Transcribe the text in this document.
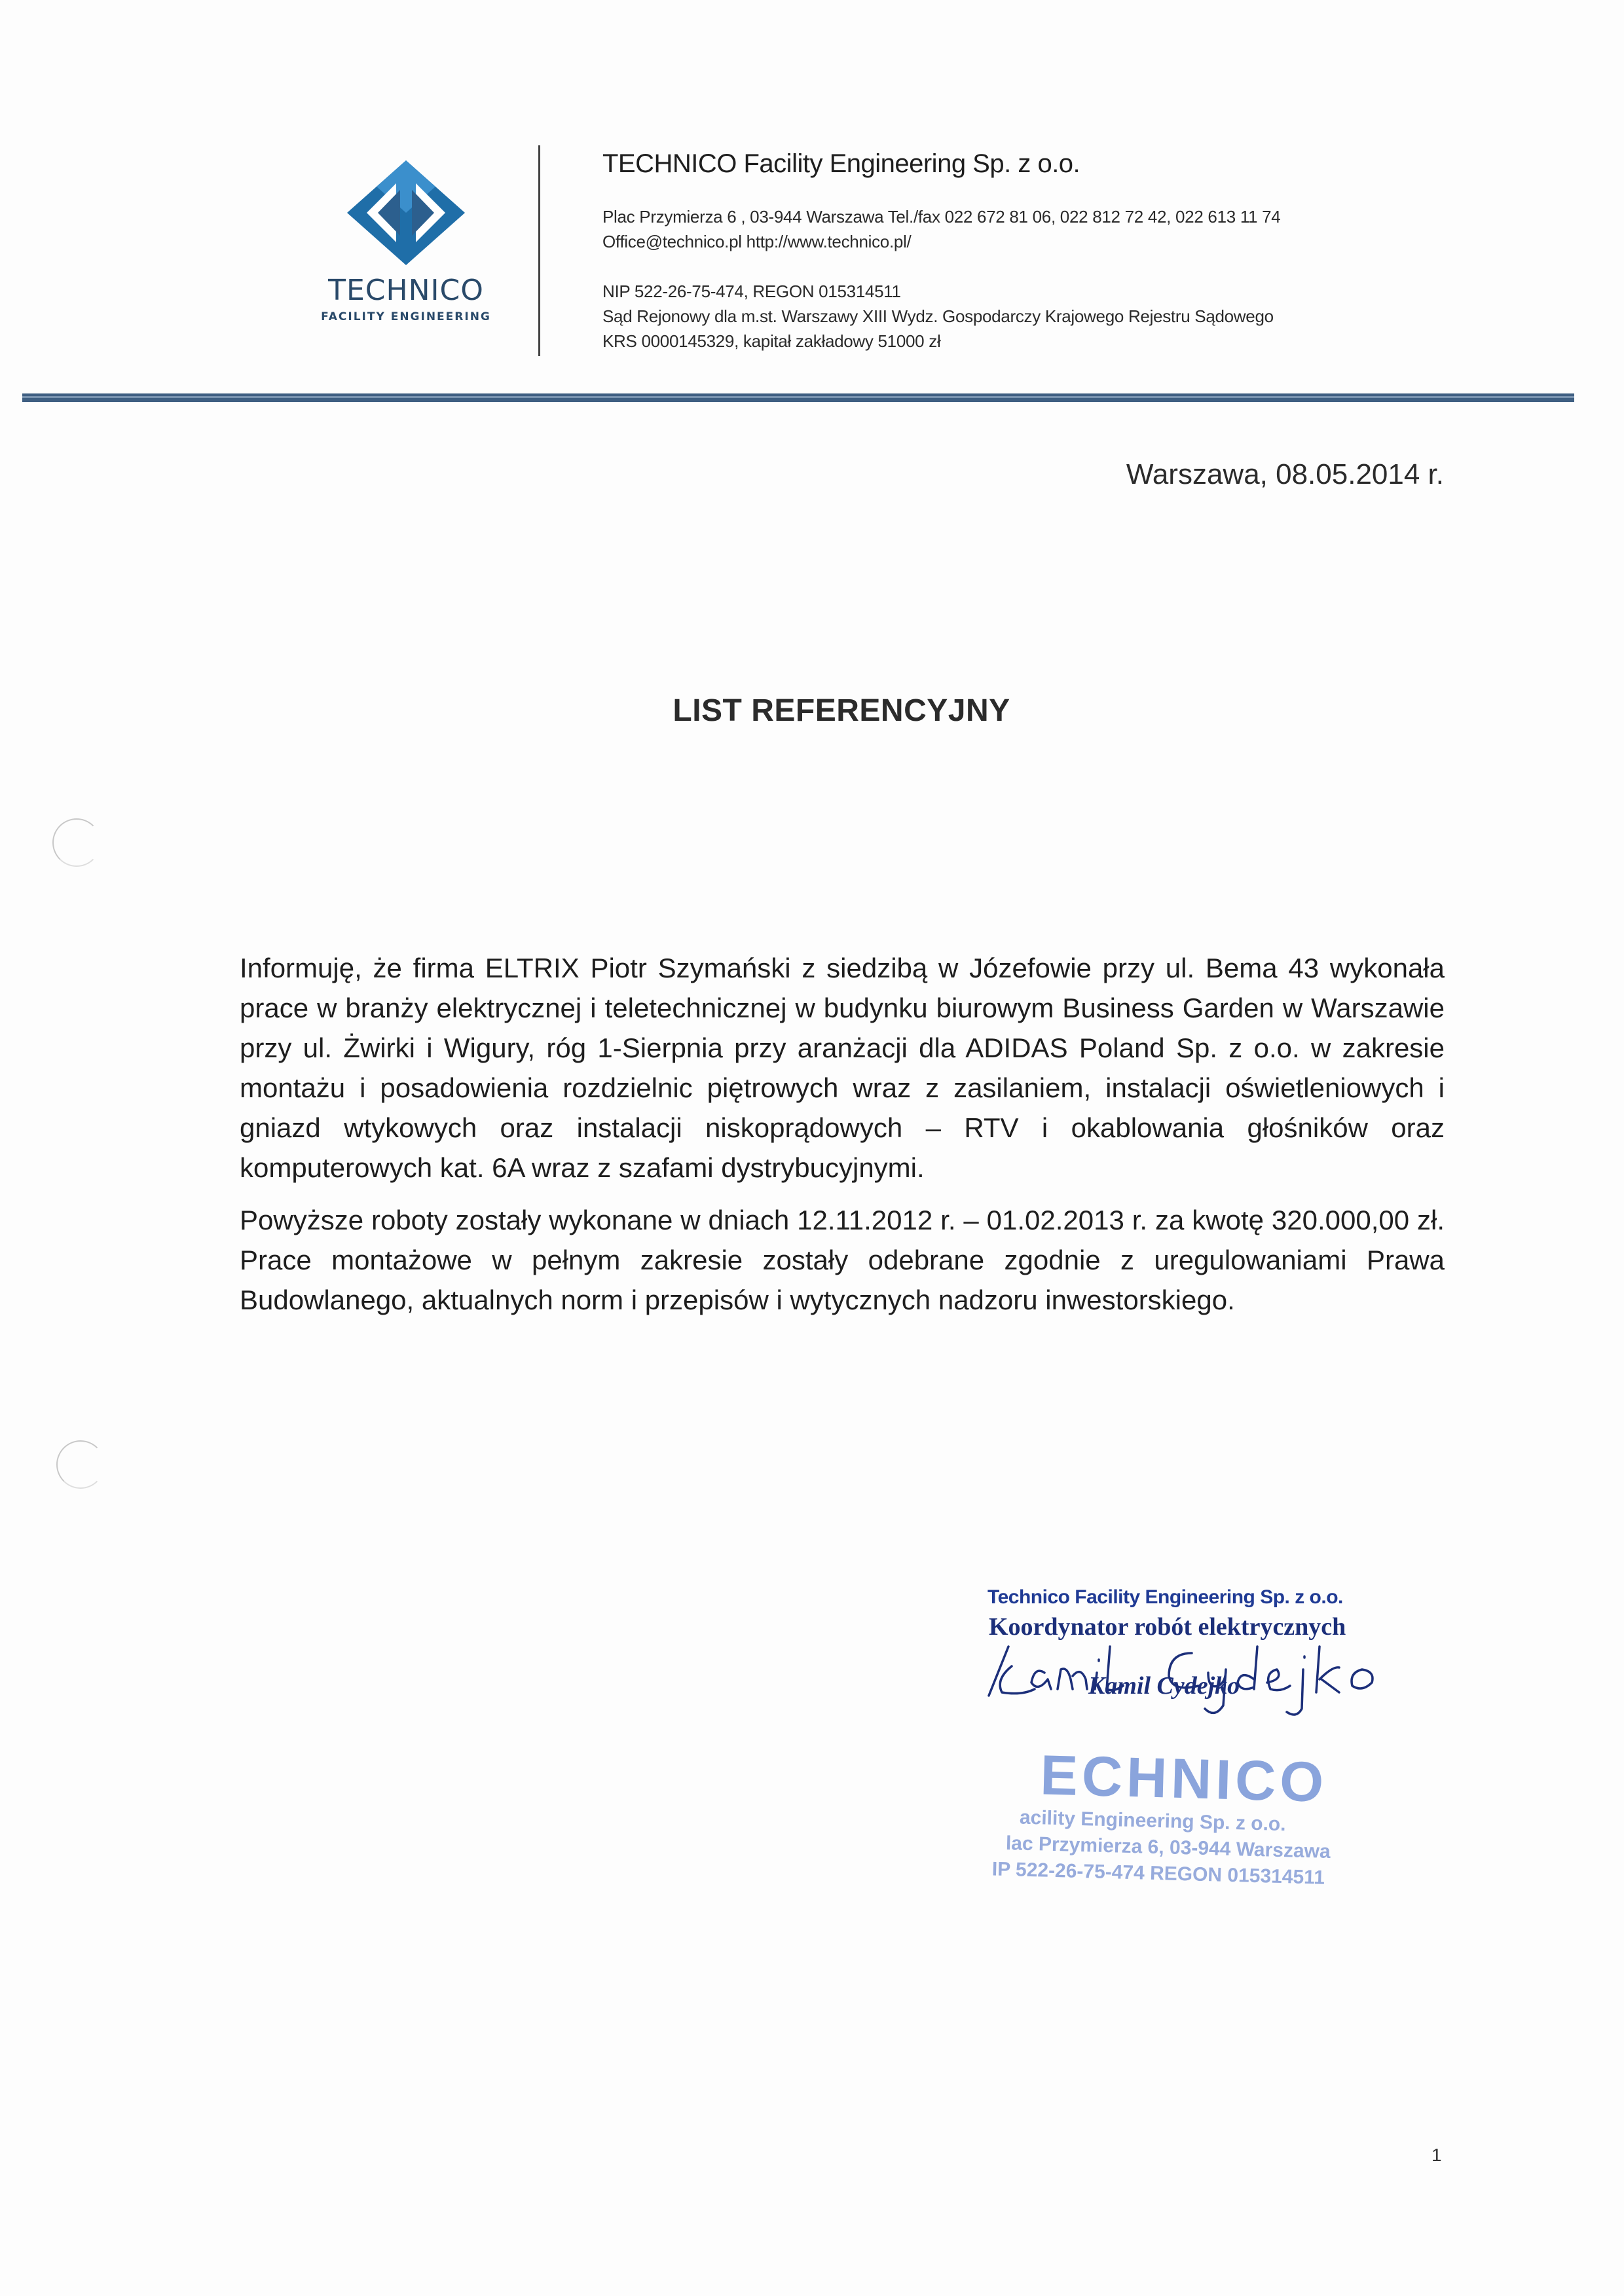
TECHNICO
FACILITY ENGINEERING
TECHNICO Facility Engineering Sp. z o.o.
Plac Przymierza 6 , 03-944 Warszawa Tel./fax 022 672 81 06, 022 812 72 42, 022 613 11 74
Office@technico.pl http://www.technico.pl/
NIP 522-26-75-474, REGON 015314511
Sąd Rejonowy dla m.st. Warszawy XIII Wydz. Gospodarczy Krajowego Rejestru Sądowego
KRS 0000145329, kapitał zakładowy 51000 zł
Warszawa, 08.05.2014 r.
LIST REFERENCYJNY
Informuję, że firma ELTRIX Piotr Szymański z siedzibą w Józefowie przy ul. Bema 43 wykonała prace w branży elektrycznej i teletechnicznej w budynku biurowym Business Garden w Warszawie przy ul. Żwirki i Wigury, róg 1-Sierpnia przy aranżacji dla ADIDAS Poland Sp. z o.o. w zakresie montażu i posadowienia rozdzielnic piętrowych wraz z zasilaniem, instalacji oświetleniowych i gniazd wtykowych oraz instalacji niskoprądowych – RTV i okablowania głośników oraz komputerowych kat. 6A wraz z szafami dystrybucyjnymi.
Powyższe roboty zostały wykonane w dniach 12.11.2012 r. – 01.02.2013 r. za kwotę 320.000,00 zł. Prace montażowe w pełnym zakresie zostały odebrane zgodnie z uregulowaniami Prawa Budowlanego, aktualnych norm i przepisów i wytycznych nadzoru inwestorskiego.
Technico Facility Engineering Sp. z o.o.
Koordynator robót elektrycznych
Kamil Cydejko
ECHNICO
acility Engineering Sp. z o.o.
lac Przymierza 6, 03-944 Warszawa
IP 522-26-75-474 REGON 015314511
1
